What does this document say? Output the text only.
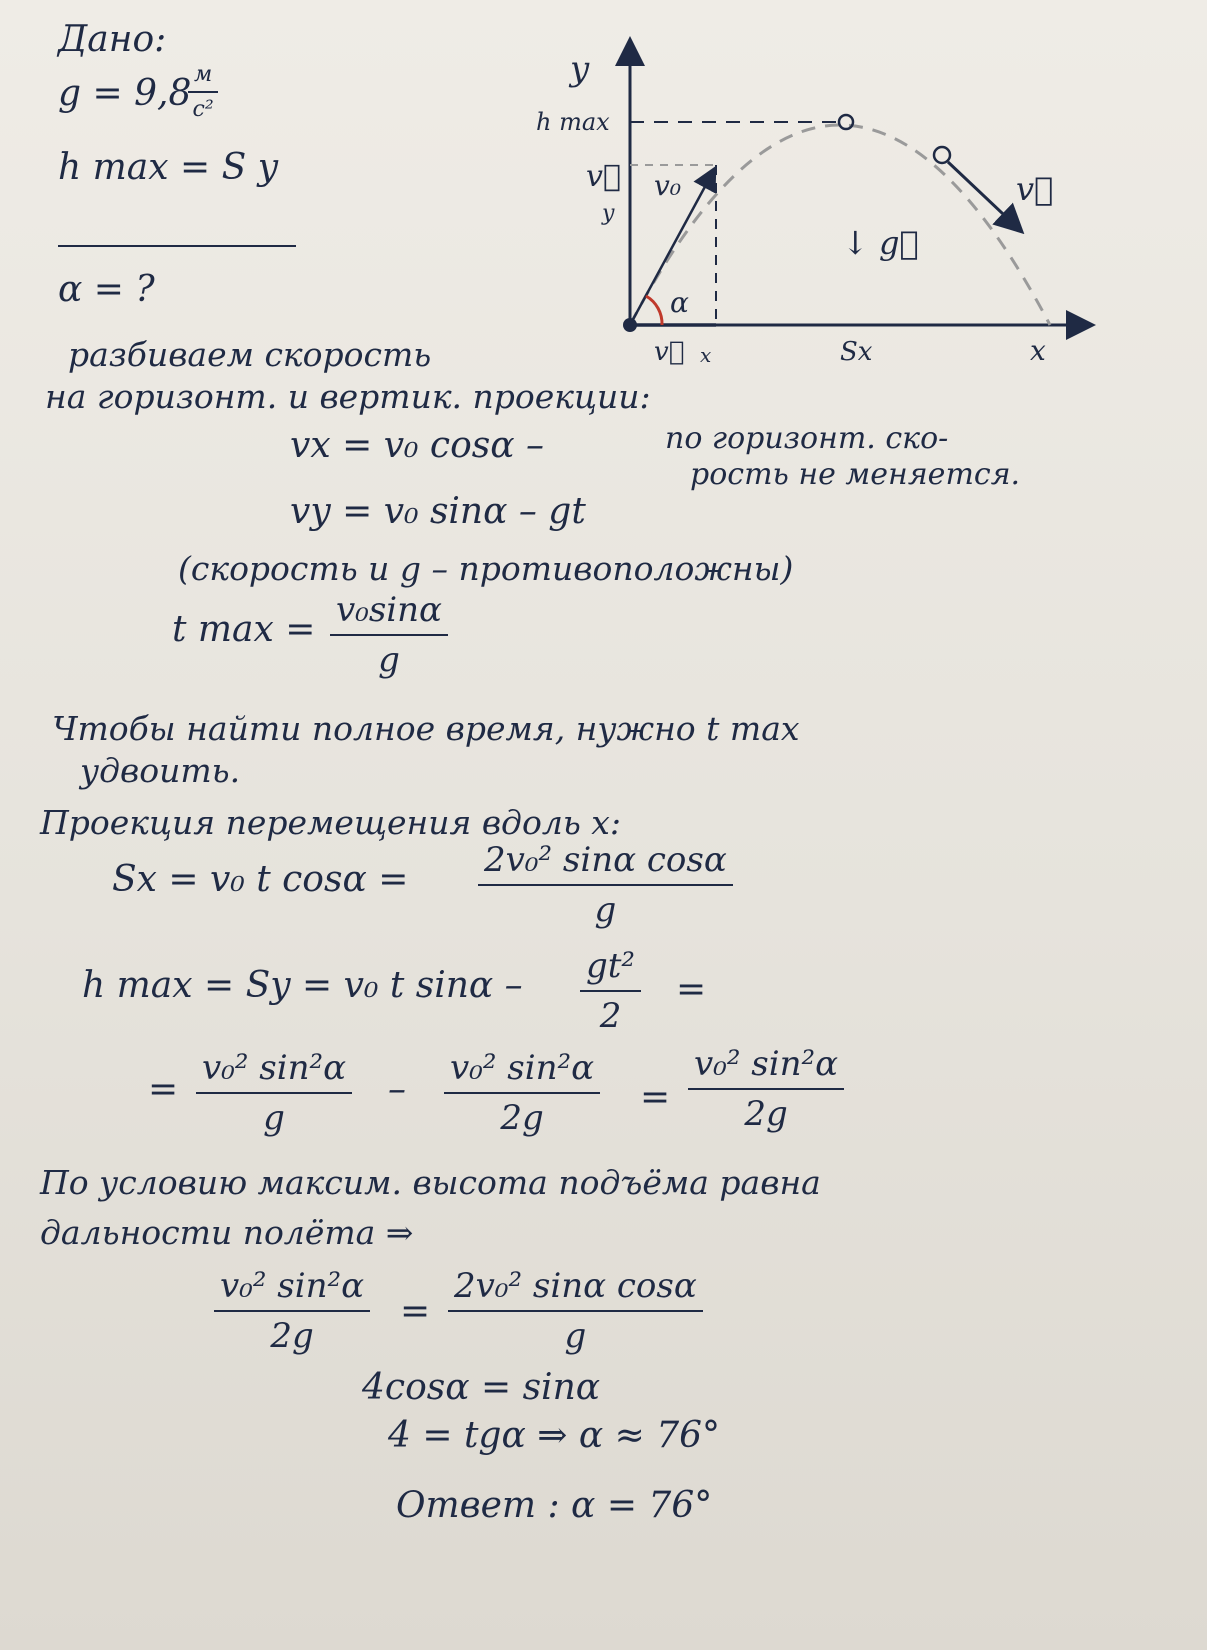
Дано:
g = 9,8 м
с²
h max = S y
α = ?
y
x
h max
v⃗
v₀
v⃗
y
v⃗ x
α
↓ g⃗
Sx
разбиваем скорость
на горизонт. и вертик. проекции:
vx = v₀ cosα –	по горизонт. ско-
рость не меняется.
vy = v₀ sinα – gt
(скорость и g – противоположны)
t max = v₀sinα
g
Чтобы найти полное время, нужно t max
удвоить.
Проекция перемещения вдоль x:
Sx = v₀ t cosα = 2v₀² sinα cosα
g
h max = Sy = v₀ t sinα – gt²
2
=
=
v₀² sin²α
g
–
v₀² sin²α
2g	=
v₀² sin²α
2g
По условию максим. высота подъёма равна
дальности полёта ⇒
v₀² sin²α
2g
=
2v₀² sinα cosα
g
4cosα = sinα
4 = tgα ⇒ α ≈ 76°
Ответ : α = 76°
